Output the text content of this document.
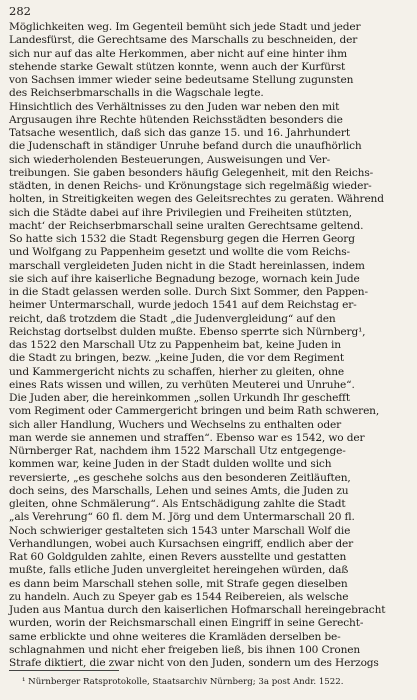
282
Möglichkeiten weg. Im Gegenteil bemüht sich jede Stadt und jeder
Landesfürst, die Gerechtsame des Marschalls zu beschneiden, der
sich nur auf das alte Herkommen, aber nicht auf eine hinter ihm
stehende starke Gewalt stützen konnte, wenn auch der Kurfürst
von Sachsen immer wieder seine bedeutsame Stellung zugunsten
des Reichserbmarschalls in die Wagschale legte.
Hinsichtlich des Verhältnisses zu den Juden war neben den mit
Argusaugen ihre Rechte hütenden Reichsstädten besonders die
Tatsache wesentlich, daß sich das ganze 15. und 16. Jahrhundert
die Judenschaft in ständiger Unruhe befand durch die unaufhörlich
sich wiederholenden Besteuerungen, Ausweisungen und Ver-
treibungen. Sie gaben besonders häufig Gelegenheit, mit den Reichs-
städten, in denen Reichs- und Krönungstage sich regelmäßig wieder-
holten, in Streitigkeiten wegen des Geleitsrechtes zu geraten. Während
sich die Städte dabei auf ihre Privilegien und Freiheiten stützten,
macht‘ der Reichserbmarschall seine uralten Gerechtsame geltend.
So hatte sich 1532 die Stadt Regensburg gegen die Herren Georg
und Wolfgang zu Pappenheim gesetzt und wollte die vom Reichs-
marschall vergleideten Juden nicht in die Stadt hereinlassen, indem
sie sich auf ihre kaiserliche Begnadung bezoge, wornach kein Jude
in die Stadt gelassen werden solle. Durch Sixt Sommer, den Pappen-
heimer Untermarschall, wurde jedoch 1541 auf dem Reichstag er-
reicht, daß trotzdem die Stadt „die Judenvergleidung“ auf den
Reichstag dortselbst dulden mußte. Ebenso sperrte sich Nürnberg¹,
das 1522 den Marschall Utz zu Pappenheim bat, keine Juden in
die Stadt zu bringen, bezw. „keine Juden, die vor dem Regiment
und Kammergericht nichts zu schaffen, hierher zu gleiten, ohne
eines Rats wissen und willen, zu verhüten Meuterei und Unruhe“.
Die Juden aber, die hereinkommen „sollen Urkundh Ihr geschefft
vom Regiment oder Cammergericht bringen und beim Rath schweren,
sich aller Handlung, Wuchers und Wechselns zu enthalten oder
man werde sie annemen und straffen“. Ebenso war es 1542, wo der
Nürnberger Rat, nachdem ihm 1522 Marschall Utz entgegenge-
kommen war, keine Juden in der Stadt dulden wollte und sich
reversierte, „es geschehe solchs aus den besonderen Zeitläuften,
doch seins, des Marschalls, Lehen und seines Amts, die Juden zu
gleiten, ohne Schmälerung“. Als Entschädigung zahlte die Stadt
„als Verehrung“ 60 fl. dem M. Jörg und dem Untermarschall 20 fl.
Noch schwieriger gestalteten sich 1543 unter Marschall Wolf die
Verhandlungen, wobei auch Kursachsen eingriff, endlich aber der
Rat 60 Goldgulden zahlte, einen Revers ausstellte und gestatten
mußte, falls etliche Juden unvergleitet hereingehen würden, daß
es dann beim Marschall stehen solle, mit Strafe gegen dieselben
zu handeln. Auch zu Speyer gab es 1544 Reibereien, als welsche
Juden aus Mantua durch den kaiserlichen Hofmarschall hereingebracht
wurden, worin der Reichsmarschall einen Eingriff in seine Gerecht-
same erblickte und ohne weiteres die Kramläden derselben be-
schlagnahmen und nicht eher freigeben ließ, bis ihnen 100 Cronen
Strafe diktiert, die zwar nicht von den Juden, sondern um des Herzogs
¹ Nürnberger Ratsprotokolle, Staatsarchiv Nürnberg; 3a post Andr. 1522.
